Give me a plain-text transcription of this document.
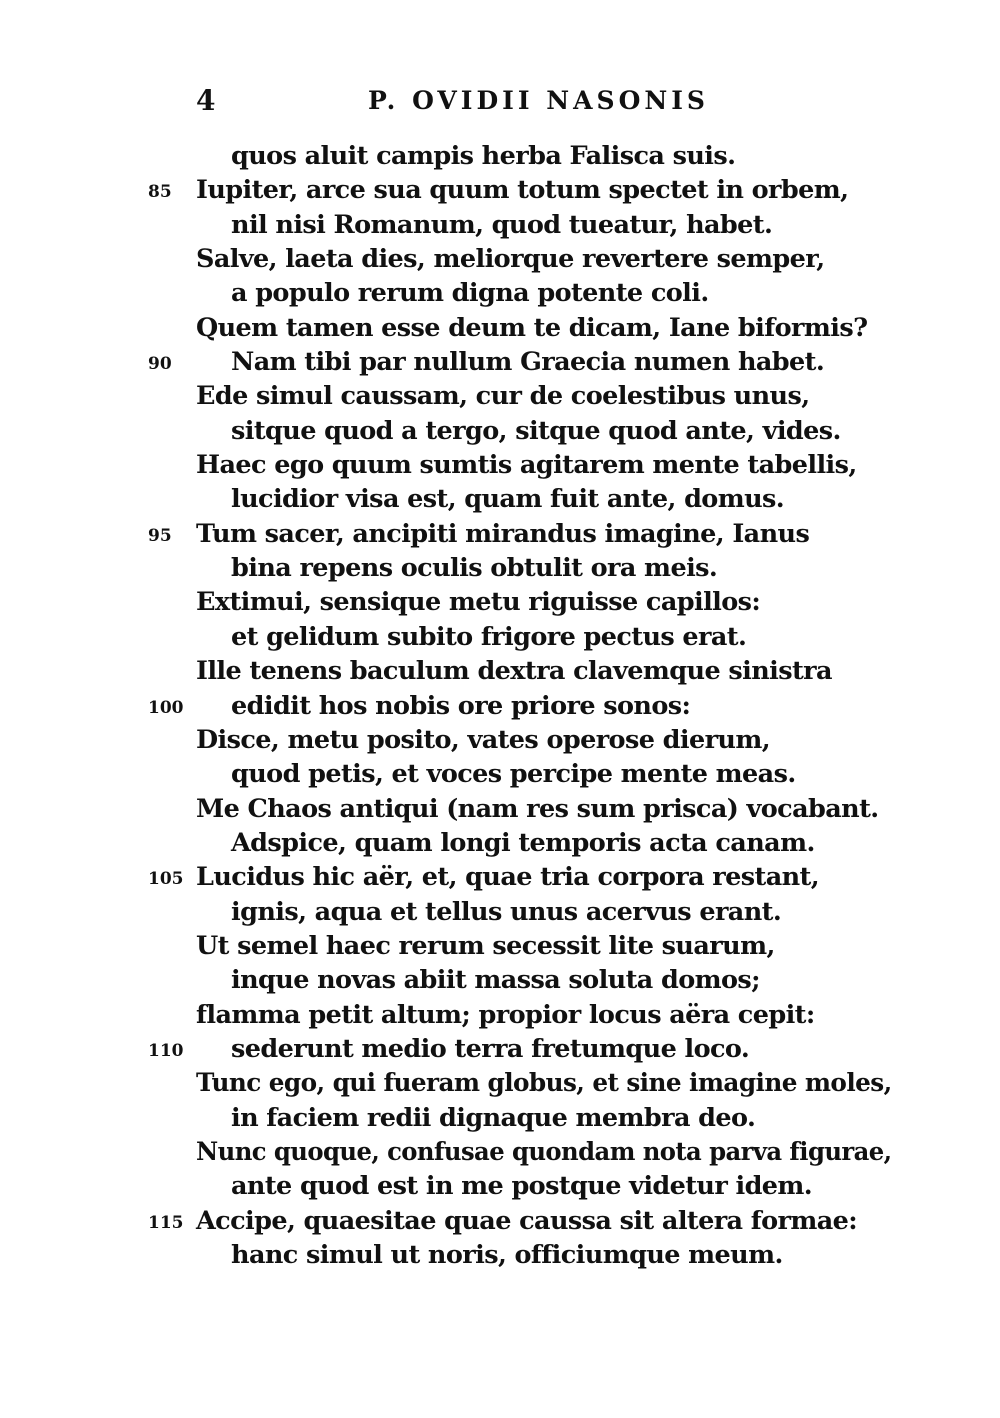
4	P. OVIDII NASONIS
quos aluit campis herba Falisca suis.
85 Iupiter, arce sua quum totum spectet in orbem,
nil nisi Romanum, quod tueatur, habet.
Salve, laeta dies, meliorque revertere semper,
a populo rerum digna potente coli.
Quem tamen esse deum te dicam, Iane biformis?
90 Nam tibi par nullum Graecia numen habet.
Ede simul caussam, cur de coelestibus unus,
sitque quod a tergo, sitque quod ante, vides.
Haec ego quum sumtis agitarem mente tabellis,
lucidior visa est, quam fuit ante, domus.
95 Tum sacer, ancipiti mirandus imagine, Ianus
bina repens oculis obtulit ora meis.
Extimui, sensique metu riguisse capillos:
et gelidum subito frigore pectus erat.
Ille tenens baculum dextra clavemque sinistra
100 edidit hos nobis ore priore sonos:
Disce, metu posito, vates operose dierum,
quod petis, et voces percipe mente meas.
Me Chaos antiqui (nam res sum prisca) vocabant.
Adspice, quam longi temporis acta canam.
105 Lucidus hic aër, et, quae tria corpora restant,
ignis, aqua et tellus unus acervus erant.
Ut semel haec rerum secessit lite suarum,
inque novas abiit massa soluta domos;
flamma petit altum; propior locus aëra cepit:
110 sederunt medio terra fretumque loco.
Tunc ego, qui fueram globus, et sine imagine moles,
in faciem redii dignaque membra deo.
Nunc quoque, confusae quondam nota parva figurae,
ante quod est in me postque videtur idem.
115 Accipe, quaesitae quae caussa sit altera formae:
hanc simul ut noris, officiumque meum.
